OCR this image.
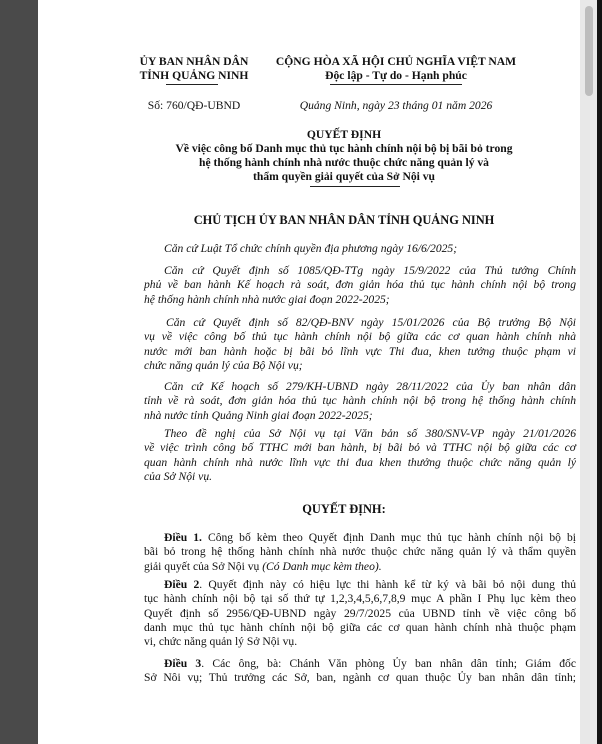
ỦY BAN NHÂN DÂN
TỈNH QUẢNG NINH
CỘNG HÒA XÃ HỘI CHỦ NGHĨA VIỆT NAM
Độc lập - Tự do - Hạnh phúc
Số: 760/QĐ-UBND	Quảng Ninh, ngày 23 tháng 01 năm 2026
QUYẾT ĐỊNH
Về việc công bố Danh mục thủ tục hành chính nội bộ bị bãi bỏ trong
hệ thống hành chính nhà nước thuộc chức năng quản lý và
thẩm quyền giải quyết của Sở Nội vụ
CHỦ TỊCH ỦY BAN NHÂN DÂN TỈNH QUẢNG NINH
Căn cứ Luật Tổ chức chính quyền địa phương ngày 16/6/2025;
Căn cứ Quyết định số 1085/QĐ-TTg ngày 15/9/2022 của Thủ tướng Chính
phủ về ban hành Kế hoạch rà soát, đơn giản hóa thủ tục hành chính nội bộ trong
hệ thống hành chính nhà nước giai đoạn 2022-2025;
Căn cứ Quyết định số 82/QĐ-BNV ngày 15/01/2026 của Bộ trưởng Bộ Nội
vụ về việc công bố thủ tục hành chính nội bộ giữa các cơ quan hành chính nhà
nước mới ban hành hoặc bị bãi bỏ lĩnh vực Thi đua, khen tưởng thuộc phạm vi
chức năng quản lý của Bộ Nội vụ;
Căn cứ Kế hoạch số 279/KH-UBND ngày 28/11/2022 của Ủy ban nhân dân
tỉnh về rà soát, đơn giản hóa thủ tục hành chính nội bộ trong hệ thống hành chính
nhà nước tỉnh Quảng Ninh giai đoạn 2022-2025;
Theo đề nghị của Sở Nội vụ tại Văn bản số 380/SNV-VP ngày 21/01/2026
về việc trình công bố TTHC mới ban hành, bị bãi bỏ và TTHC nội bộ giữa các cơ
quan hành chính nhà nước lĩnh vực thi đua khen thưởng thuộc chức năng quản lý
của Sở Nội vụ.
QUYẾT ĐỊNH:
Điều 1. Công bố kèm theo Quyết định Danh mục thủ tục hành chính nội bộ bị
bãi bỏ trong hệ thống hành chính nhà nước thuộc chức năng quản lý và thẩm quyền
giải quyết của Sở Nội vụ (Có Danh mục kèm theo).
Điều 2. Quyết định này có hiệu lực thi hành kể từ ký và bãi bỏ nội dung thủ
tục hành chính nội bộ tại số thứ tự 1,2,3,4,5,6,7,8,9 mục A phần I Phụ lục kèm theo
Quyết định số 2956/QĐ-UBND ngày 29/7/2025 của UBND tỉnh về việc công bố
danh mục thủ tục hành chính nội bộ giữa các cơ quan hành chính nhà thuộc phạm
vi, chức năng quản lý Sở Nội vụ.
Điều 3. Các ông, bà: Chánh Văn phòng Ủy ban nhân dân tỉnh; Giám đốc
Sở Nôi vụ; Thủ trưởng các Sở, ban, ngành cơ quan thuộc Ủy ban nhân dân tỉnh;
